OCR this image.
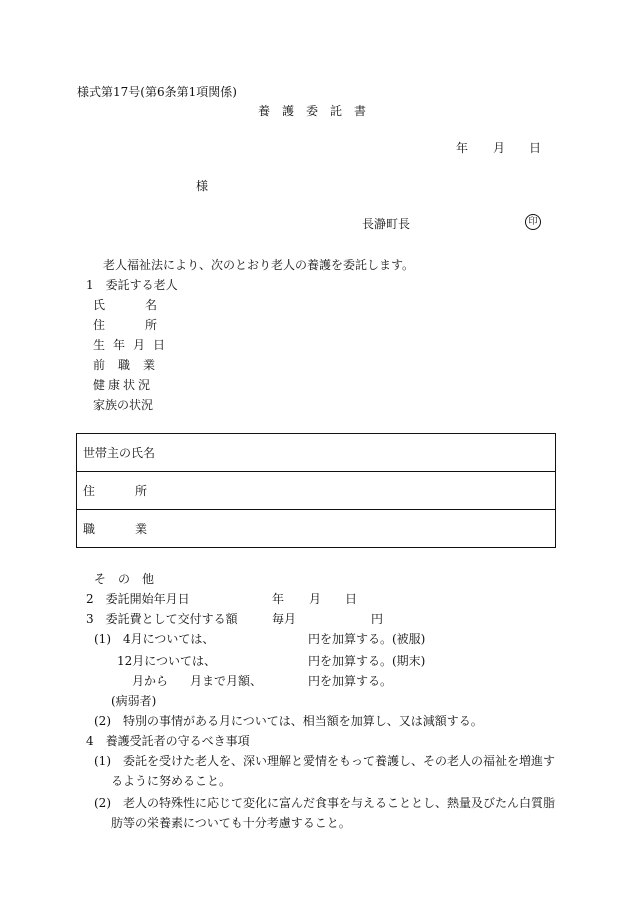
様式第17号(第6条第1項関係)
養護委託書
年 月 日
様
長瀞町長	印
老人福祉法により、次のとおり老人の養護を委託します。
1　委託する老人
氏名
住所
生年月日
前職業
健康状況
家族の状況
世帯主の氏名
住所
職業
その他
2　委託開始年月日	年 月 日
3　委託費として交付する額	毎月	円
(1) 4月については、	円を加算する。(被服)
12月については、	円を加算する。(期末)
月から 月まで月額、	円を加算する。
(病弱者)
(2) 特別の事情がある月については、相当額を加算し、又は減額する。
4　養護受託者の守るべき事項
(1) 委託を受けた老人を、深い理解と愛情をもって養護し、その老人の福祉を増進す
るように努めること。
(2) 老人の特殊性に応じて変化に富んだ食事を与えることとし、熱量及びたん白質脂
肪等の栄養素についても十分考慮すること。
